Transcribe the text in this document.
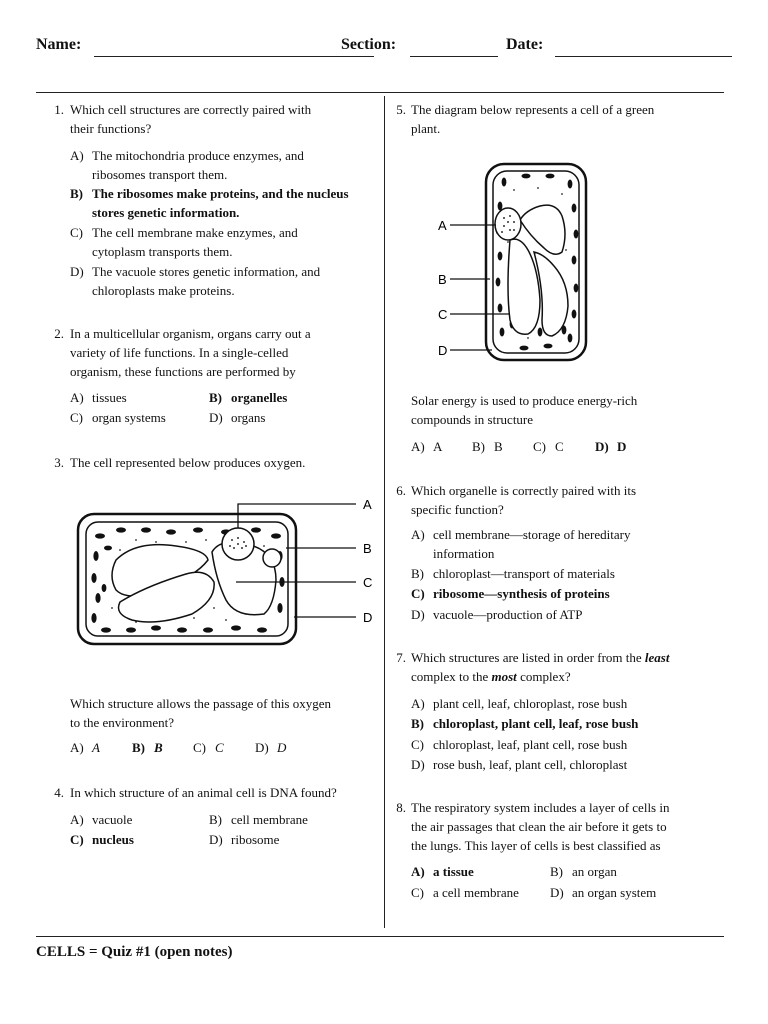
Name:	Section:	Date:
1. Which cell structures are correctly paired with
their functions?
A) The mitochondria produce enzymes, and
ribosomes transport them.
B) The ribosomes make proteins, and the nucleus
stores genetic information.
C) The cell membrane make enzymes, and
cytoplasm transports them.
D) The vacuole stores genetic information, and
chloroplasts make proteins.
2. In a multicellular organism, organs carry out a
variety of life functions. In a single-celled
organism, these functions are performed by
A) tissues	B) organelles
C) organ systems	D) organs
3. The cell represented below produces oxygen.
A
B
C
D
Which structure allows the passage of this oxygen
to the environment?
A) A B) B C) C D) D
4. In which structure of an animal cell is DNA found?
A) vacuole	B) cell membrane
C) nucleus	D) ribosome
5. The diagram below represents a cell of a green
plant.
A
B
C
D
Solar energy is used to produce energy-rich
compounds in structure
A) A B) B C) C D) D
6. Which organelle is correctly paired with its
specific function?
A) cell membrane—storage of hereditary
information
B) chloroplast—transport of materials
C) ribosome—synthesis of proteins
D) vacuole—production of ATP
7. Which structures are listed in order from the least
complex to the most complex?
A) plant cell, leaf, chloroplast, rose bush
B) chloroplast, plant cell, leaf, rose bush
C) chloroplast, leaf, plant cell, rose bush
D) rose bush, leaf, plant cell, chloroplast
8. The respiratory system includes a layer of cells in
the air passages that clean the air before it gets to
the lungs. This layer of cells is best classified as
A) a tissue	B) an organ
C) a cell membrane D) an organ system
CELLS = Quiz #1 (open notes)
